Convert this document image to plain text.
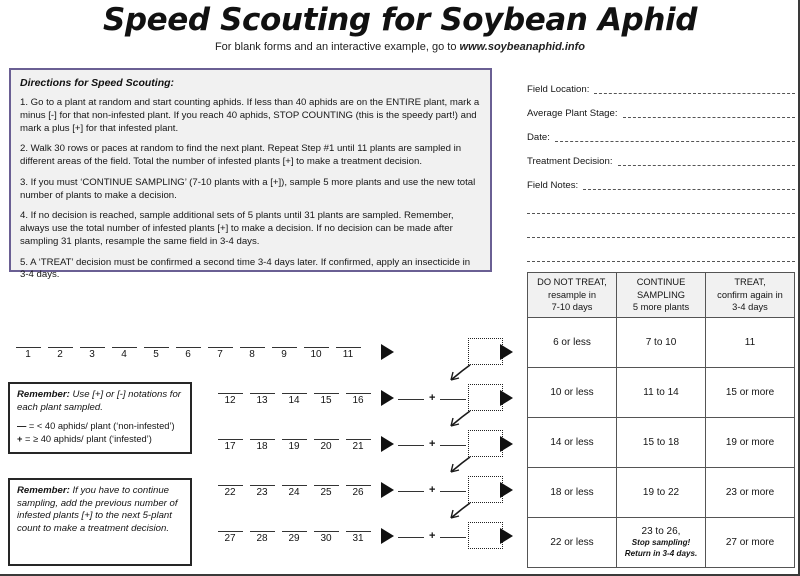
Speed Scouting for Soybean Aphid
For blank forms and an interactive example, go to www.soybeanaphid.info
Directions for Speed Scouting:
1. Go to a plant at random and start counting aphids. If less than 40 aphids are on the ENTIRE plant, mark a minus [-] for that non-infested plant. If you reach 40 aphids, STOP COUNTING (this is the speedy part!) and mark a plus [+] for that infested plant.
2. Walk 30 rows or paces at random to find the next plant. Repeat Step #1 until 11 plants are sampled in different areas of the field. Total the number of infested plants [+] to make a treatment decision.
3. If you must ‘CONTINUE SAMPLING’ (7-10 plants with a [+]), sample 5 more plants and use the new total number of plants to make a decision.
4. If no decision is reached, sample additional sets of 5 plants until 31 plants are sampled. Remember, always use the total number of infested plants [+] to make a decision. If no decision can be made after sampling 31 plants, resample the same field in 3-4 days.
5. A ‘TREAT’ decision must be confirmed a second time 3-4 days later. If confirmed, apply an insecticide in 3-4 days.
Field Location:
Average Plant Stage:
Date:
Treatment Decision:
Field Notes:
DO NOT TREAT,
resample in
7-10 days	CONTINUE
SAMPLING
5 more plants	TREAT,
confirm again in
3-4 days
6 or less	7 to 10	11
10 or less	11 to 14	15 or more
14 or less	15 to 18	19 or more
18 or less	19 to 22	23 or more
22 or less	23 to 26,
Stop sampling!
Return in 3-4 days.	27 or more
Remember: Use [+] or [-] notations for each plant sampled.
— = < 40 aphids/ plant (‘non-infested’)
+ = ≥ 40 aphids/ plant (‘infested’)
Remember: If you have to continue sampling, add the previous number of infested plants [+] to the next 5-plant count to make a treatment decision.
1	2	3	4	5	6	7	8	9	10	11
12	13	14	15	16
17	18	19	20	21
22	23	24	25	26
27	28	29	30	31
+
+
+
+
